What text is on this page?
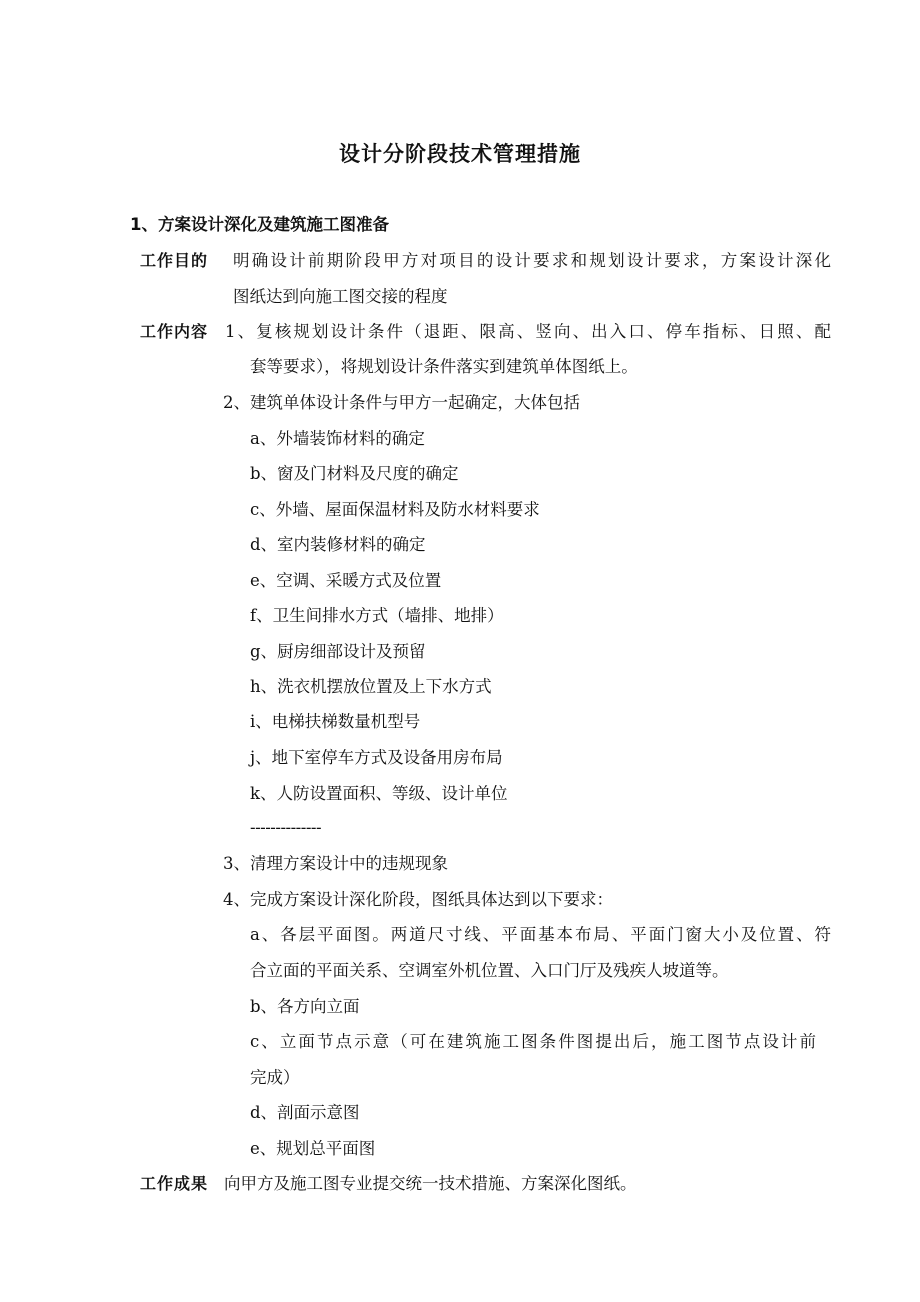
设计分阶段技术管理措施
1、方案设计深化及建筑施工图准备
工作目的 明确设计前期阶段甲方对项目的设计要求和规划设计要求，方案设计深化
图纸达到向施工图交接的程度
工作内容 1、复核规划设计条件（退距、限高、竖向、出入口、停车指标、日照、配
套等要求），将规划设计条件落实到建筑单体图纸上。
2、建筑单体设计条件与甲方一起确定，大体包括
a、外墙装饰材料的确定
b、窗及门材料及尺度的确定
c、外墙、屋面保温材料及防水材料要求
d、室内装修材料的确定
e、空调、采暖方式及位置
f、卫生间排水方式（墙排、地排）
g、厨房细部设计及预留
h、洗衣机摆放位置及上下水方式
i、电梯扶梯数量机型号
j、地下室停车方式及设备用房布局
k、人防设置面积、等级、设计单位
--------------
3、清理方案设计中的违规现象
4、完成方案设计深化阶段，图纸具体达到以下要求：
a、各层平面图。两道尺寸线、平面基本布局、平面门窗大小及位置、符
合立面的平面关系、空调室外机位置、入口门厅及残疾人坡道等。
b、各方向立面
c、立面节点示意（可在建筑施工图条件图提出后，施工图节点设计前
完成）
d、剖面示意图
e、规划总平面图
工作成果 向甲方及施工图专业提交统一技术措施、方案深化图纸。
